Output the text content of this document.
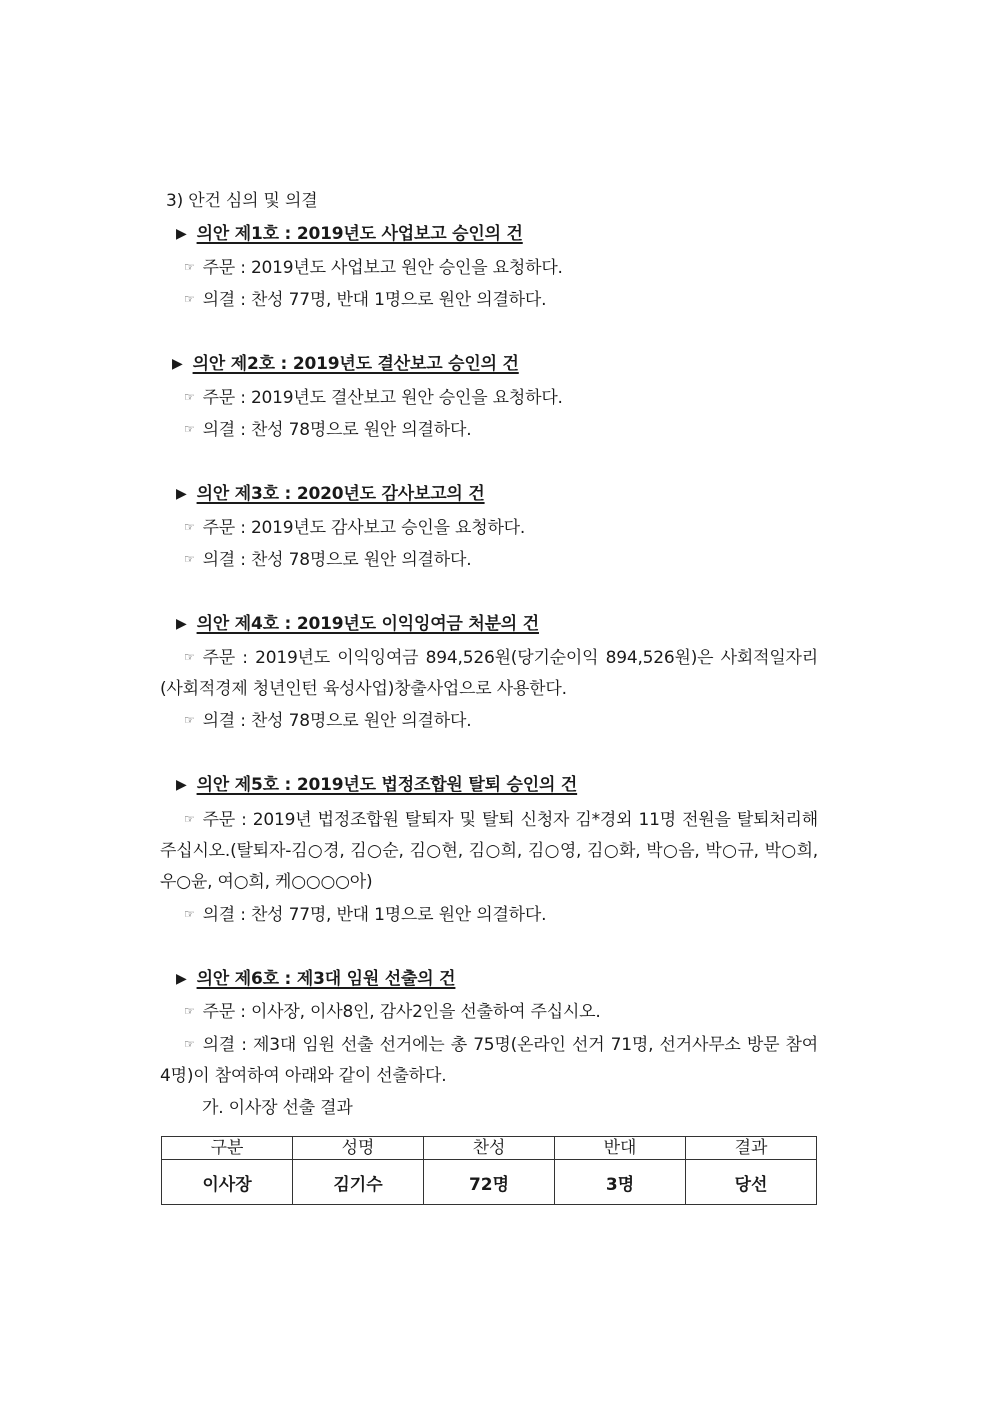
3) 안건 심의 및 의결
▶ 의안 제1호 : 2019년도 사업보고 승인의 건
☞ 주문 : 2019년도 사업보고 원안 승인을 요청하다.
☞ 의결 : 찬성 77명, 반대 1명으로 원안 의결하다.
▶ 의안 제2호 : 2019년도 결산보고 승인의 건
☞ 주문 : 2019년도 결산보고 원안 승인을 요청하다.
☞ 의결 : 찬성 78명으로 원안 의결하다.
▶ 의안 제3호 : 2020년도 감사보고의 건
☞ 주문 : 2019년도 감사보고 승인을 요청하다.
☞ 의결 : 찬성 78명으로 원안 의결하다.
▶ 의안 제4호 : 2019년도 이익잉여금 처분의 건
☞ 주문 : 2019년도 이익잉여금 894,526원(당기순이익 894,526원)은 사회적일자리(사회적경제 청년인턴 육성사업)창출사업으로 사용한다.
☞ 의결 : 찬성 78명으로 원안 의결하다.
▶ 의안 제5호 : 2019년도 법정조합원 탈퇴 승인의 건
☞ 주문 : 2019년 법정조합원 탈퇴자 및 탈퇴 신청자 김*경외 11명 전원을 탈퇴처리해 주십시오.(탈퇴자-김○경, 김○순, 김○현, 김○희, 김○영, 김○화, 박○음, 박○규, 박○희, 우○윤, 여○희, 케○○○○아)
☞ 의결 : 찬성 77명, 반대 1명으로 원안 의결하다.
▶ 의안 제6호 : 제3대 임원 선출의 건
☞ 주문 : 이사장, 이사8인, 감사2인을 선출하여 주십시오.
☞ 의결 : 제3대 임원 선출 선거에는 총 75명(온라인 선거 71명, 선거사무소 방문 참여 4명)이 참여하여 아래와 같이 선출하다.
가. 이사장 선출 결과
구분	성명	찬성	반대	결과
이사장	김기수	72명	3명	당선
